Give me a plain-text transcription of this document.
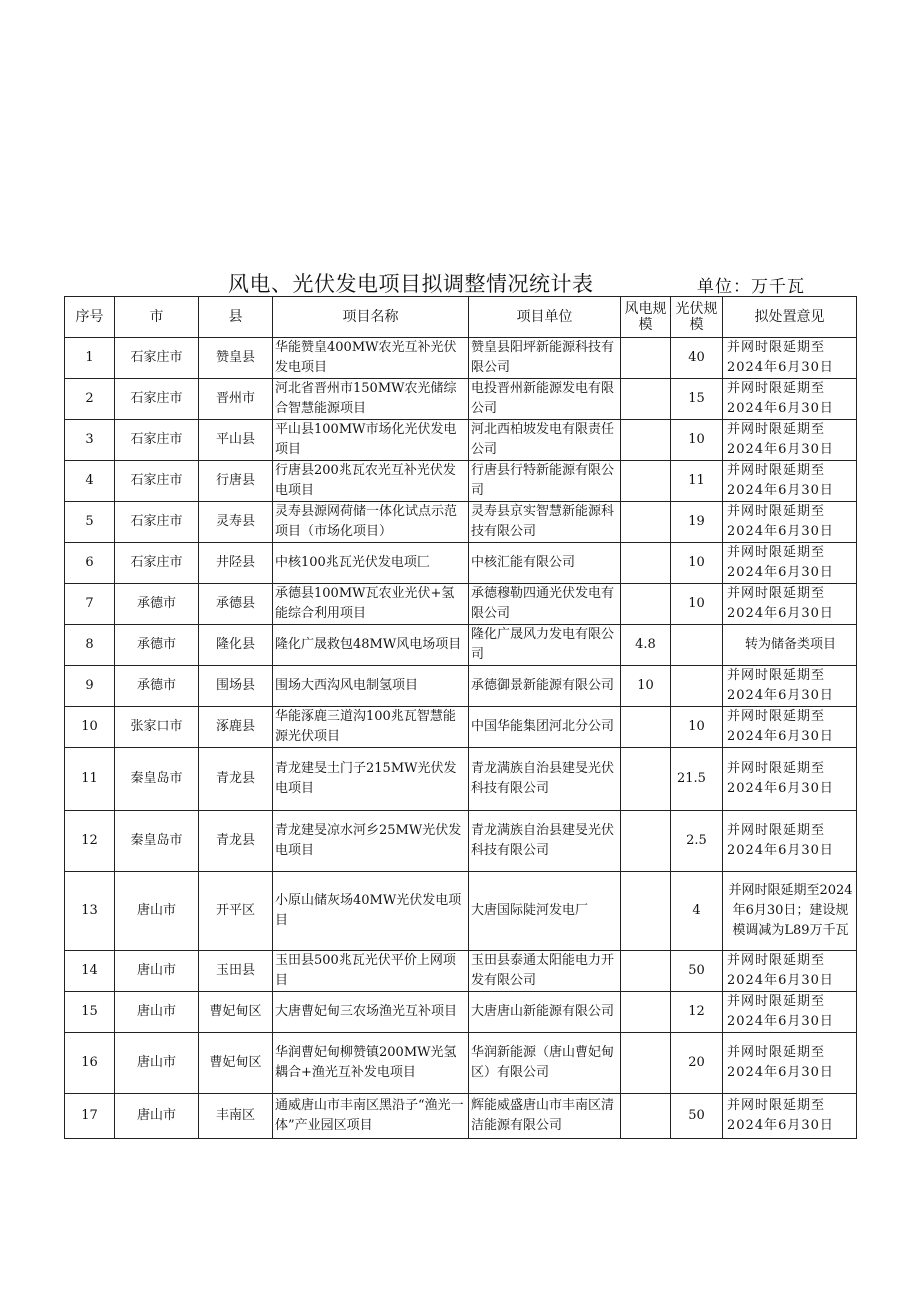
风电、光伏发电项目拟调整情况统计表	单位：万千瓦
序号	市	县	项目名称	项目单位	风电规模	光伏规模	拟处置意见
1	石家庄市	赞皇县	华能赞皇400MW农光互补光伏发电项目	赞皇县阳坪新能源科技有限公司		40	并网时限延期至2024年6月30日
2	石家庄市	晋州市	河北省晋州市150MW农光储综合智慧能源项目	电投晋州新能源发电有限公司		15	并网时限延期至2024年6月30日
3	石家庄市	平山县	平山县100MW市场化光伏发电项目	河北西柏坡发电有限责任公司		10	并网时限延期至2024年6月30日
4	石家庄市	行唐县	行唐县200兆瓦农光互补光伏发电项目	行唐县行特新能源有限公司		11	并网时限延期至2024年6月30日
5	石家庄市	灵寿县	灵寿县源网荷储一体化试点示范项目（市场化项目）	灵寿县京实智慧新能源科技有限公司		19	并网时限延期至2024年6月30日
6	石家庄市	井陉县	中核100兆瓦光伏发电项匚	中核汇能有限公司		10	并网时限延期至2024年6月30日
7	承德市	承德县	承德县100MW瓦农业光伏+氢能综合利用项目	承德穆勒四通光伏发电有限公司		10	并网时限延期至2024年6月30日
8	承德市	隆化县	隆化广晟救包48MW风电场项目	隆化广晟风力发电有限公司	4.8		转为储备类项目
9	承德市	围场县	围场大西沟风电制氢项目	承德御景新能源有限公司	10		并网时限延期至2024年6月30日
10	张家口市	涿鹿县	华能涿鹿三道沟100兆瓦智慧能源光伏项目	中国华能集团河北分公司		10	并网时限延期至2024年6月30日
11	秦皇岛市	青龙县	青龙建旻土门子215MW光伏发电项目	青龙满族自治县建旻光伏科技有限公司		21.5	并网时限延期至2024年6月30日
12	秦皇岛市	青龙县	青龙建旻凉水河乡25MW光伏发电项目	青龙满族自治县建旻光伏科技有限公司		2.5	并网时限延期至2024年6月30日
13	唐山市	开平区	小原山储灰场40MW光伏发电项目	大唐国际陡河发电厂		4	并网时限延期至2024年6月30日；建设规模调减为L89万千瓦
14	唐山市	玉田县	玉田县500兆瓦光伏平价上网项目	玉田县泰通太阳能电力开发有限公司		50	并网时限延期至2024年6月30日
15	唐山市	曹妃甸区	大唐曹妃甸三农场渔光互补项目	大唐唐山新能源有限公司		12	并网时限延期至2024年6月30日
16	唐山市	曹妃甸区	华润曹妃甸柳赞镇200MW光氢耦合+渔光互补发电项目	华润新能源（唐山曹妃甸区）有限公司		20	并网时限延期至2024年6月30日
17	唐山市	丰南区	通威唐山市丰南区黑沿子“渔光一体”产业园区项目	辉能威盛唐山市丰南区清洁能源有限公司		50	并网时限延期至2024年6月30日
